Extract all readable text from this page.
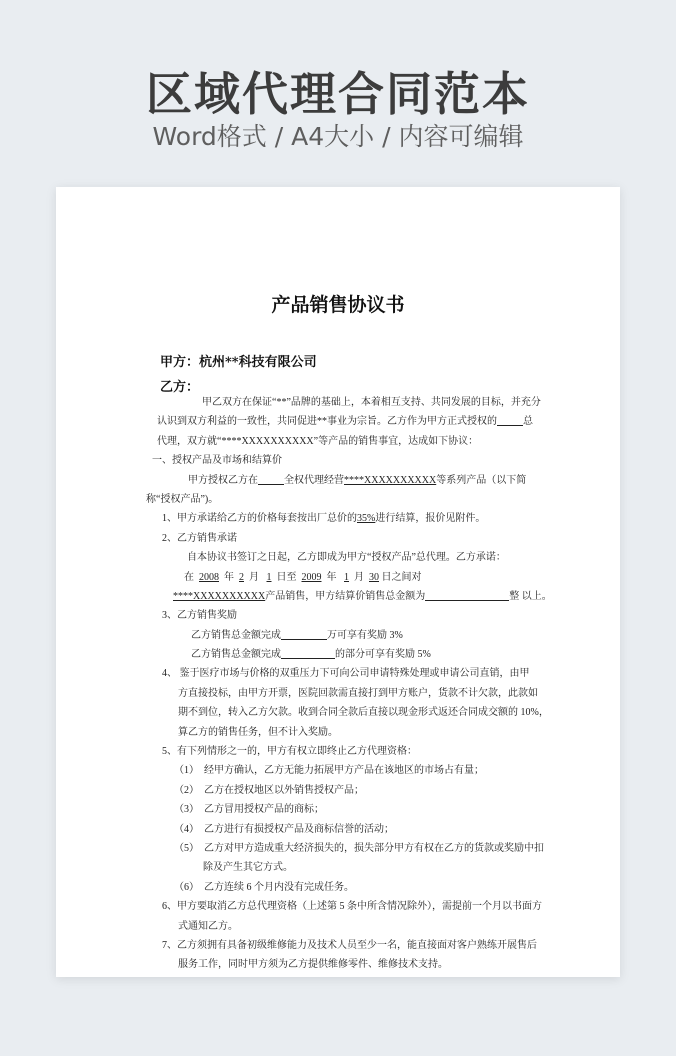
区域代理合同范本
Word格式 / A4大小 / 内容可编辑
产品销售协议书
甲方：杭州**科技有限公司
乙方：
甲乙双方在保证“**”品牌的基础上，本着相互支持、共同发展的目标，并充分
认识到双方利益的一致性，共同促进**事业为宗旨。乙方作为甲方正式授权的	总
代理，双方就“****XXXXXXXXXX”等产品的销售事宜，达成如下协议：
一、授权产品及市场和结算价
甲方授权乙方在	全权代理经营****XXXXXXXXXX等系列产品（以下简
称“授权产品”)。
1、甲方承诺给乙方的价格每套按出厂总价的35%进行结算，报价见附件。
2、乙方销售承诺
自本协议书签订之日起，乙方即成为甲方“授权产品”总代理。乙方承诺：
在 2008 年 2 月 1 日至 2009 年 1 月 30 日之间对
****XXXXXXXXXX产品销售，甲方结算价销售总金额为	整 以上。
3、乙方销售奖励
乙方销售总金额完成	万可享有奖励 3%
乙方销售总金额完成	的部分可享有奖励 5%
4、 鉴于医疗市场与价格的双重压力下可向公司申请特殊处理或申请公司直销，由甲
方直接投标，由甲方开票，医院回款需直接打到甲方账户，货款不计欠款，此款如
期不到位，转入乙方欠款。收到合同全款后直接以现金形式返还合同成交额的 10%，
算乙方的销售任务，但不计入奖励。
5、有下列情形之一的，甲方有权立即终止乙方代理资格：
（1） 经甲方确认，乙方无能力拓展甲方产品在该地区的市场占有量；
（2） 乙方在授权地区以外销售授权产品；
（3） 乙方冒用授权产品的商标；
（4） 乙方进行有损授权产品及商标信誉的活动；
（5） 乙方对甲方造成重大经济损失的，损失部分甲方有权在乙方的货款或奖励中扣
除及产生其它方式。
（6） 乙方连续 6 个月内没有完成任务。
6、甲方要取消乙方总代理资格（上述第 5 条中所含情况除外），需提前一个月以书面方
式通知乙方。
7、乙方须拥有具备初级维修能力及技术人员至少一名，能直接面对客户熟练开展售后
服务工作，同时甲方须为乙方提供维修零件、维修技术支持。
